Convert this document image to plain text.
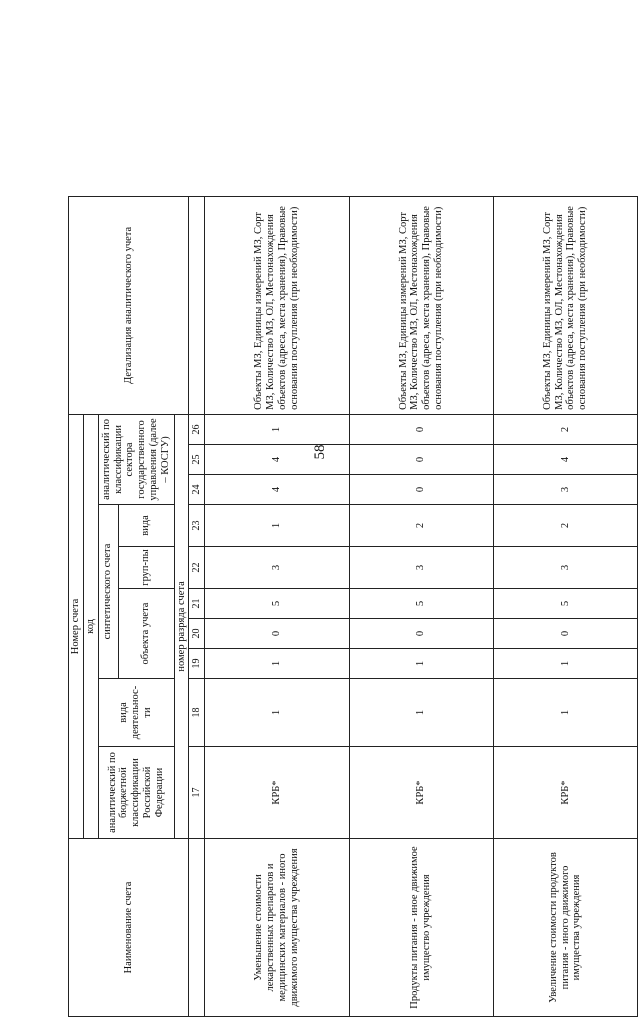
58
Наименование счета	Номер счета										Детализация аналитического учета
	код										
	аналитический по бюджетной классификации Российской Федерации	вида деятельнос-ти	синтетического счета					аналитический по классификации сектора государственного управления (далее – КОСГУ)			
			объекта учета			груп-пы	вида				
	номер разряда счета										
	17	18	19	20	21	22	23	24	25	26	
Уменьшение стоимости лекарственных препаратов и медицинских материалов - иного движимого имущества учреждения	КРБ*	1	1	0	5	3	1	4	4	1	Объекты МЗ, Единицы измерений МЗ, Сорт МЗ, Количество МЗ, ОЛ, Местонахождения объектов (адреса, места хранения), Правовые основания поступления (при необходимости)
Продукты питания - иное движимое имущество учреждения	КРБ*	1	1	0	5	3	2	0	0	0	Объекты МЗ, Единицы измерений МЗ, Сорт МЗ, Количество МЗ, ОЛ, Местонахождения объектов (адреса, места хранения), Правовые основания поступления (при необходимости)
Увеличение стоимости продуктов питания - иного движимого имущества учреждения	КРБ*	1	1	0	5	3	2	3	4	2	Объекты МЗ, Единицы измерений МЗ, Сорт МЗ, Количество МЗ, ОЛ, Местонахождения объектов (адреса, места хранения), Правовые основания поступления (при необходимости)
